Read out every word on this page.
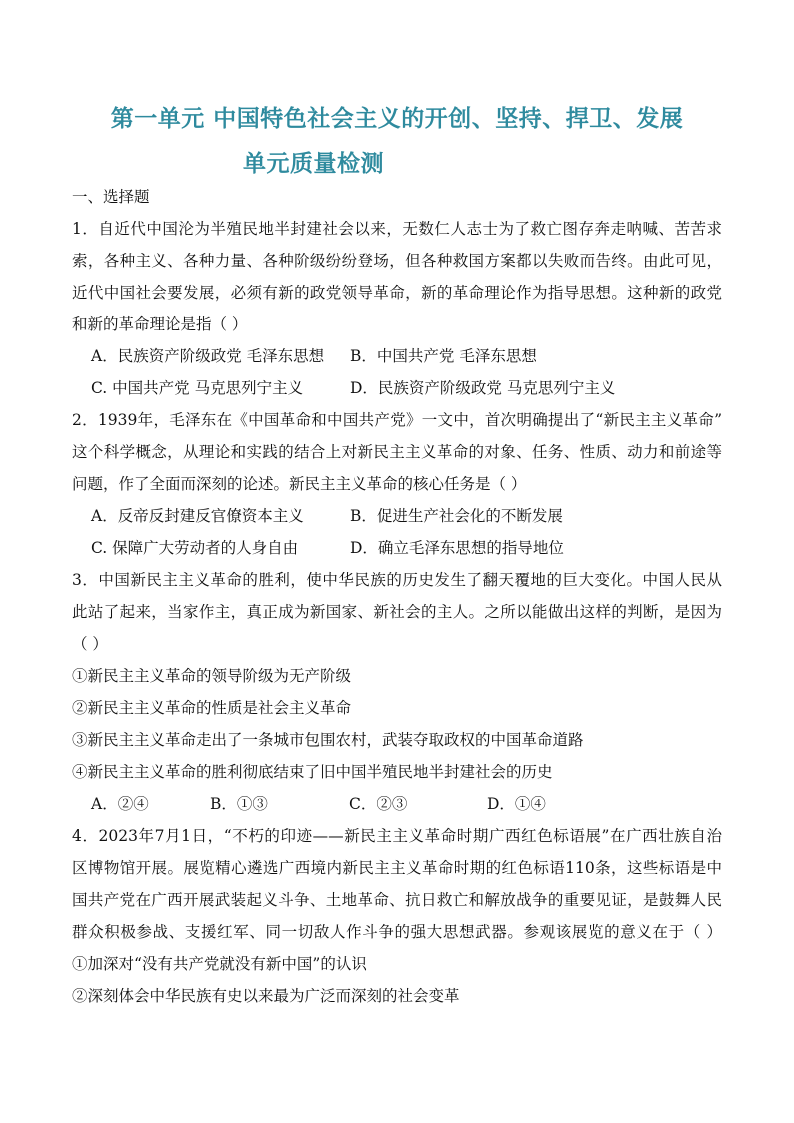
第一单元 中国特色社会主义的开创、坚持、捍卫、发展
单元质量检测
一、选择题
1．自近代中国沦为半殖民地半封建社会以来，无数仁人志士为了救亡图存奔走呐喊、苦苦求
索，各种主义、各种力量、各种阶级纷纷登场，但各种救国方案都以失败而告终。由此可见，
近代中国社会要发展，必须有新的政党领导革命，新的革命理论作为指导思想。这种新的政党
和新的革命理论是指（ ）
A．民族资产阶级政党 毛泽东思想 B．中国共产党 毛泽东思想
C. 中国共产党 马克思列宁主义	D．民族资产阶级政党 马克思列宁主义
2．1939年，毛泽东在《中国革命和中国共产党》一文中，首次明确提出了“新民主主义革命”
这个科学概念，从理论和实践的结合上对新民主主义革命的对象、任务、性质、动力和前途等
问题，作了全面而深刻的论述。新民主主义革命的核心任务是（ ）
A．反帝反封建反官僚资本主义	B．促进生产社会化的不断发展
C. 保障广大劳动者的人身自由	D．确立毛泽东思想的指导地位
3．中国新民主主义革命的胜利，使中华民族的历史发生了翻天覆地的巨大变化。中国人民从
此站了起来，当家作主，真正成为新国家、新社会的主人。之所以能做出这样的判断，是因为
（ ）
①新民主主义革命的领导阶级为无产阶级
②新民主主义革命的性质是社会主义革命
③新民主主义革命走出了一条城市包围农村，武装夺取政权的中国革命道路
④新民主主义革命的胜利彻底结束了旧中国半殖民地半封建社会的历史
A．②④	B．①③	C．②③	D．①④
4．2023年7月1日，“不朽的印迹——新民主主义革命时期广西红色标语展”在广西壮族自治
区博物馆开展。展览精心遴选广西境内新民主主义革命时期的红色标语110条，这些标语是中
国共产党在广西开展武装起义斗争、土地革命、抗日救亡和解放战争的重要见证，是鼓舞人民
群众积极参战、支援红军、同一切敌人作斗争的强大思想武器。参观该展览的意义在于（ ）
①加深对“没有共产党就没有新中国”的认识
②深刻体会中华民族有史以来最为广泛而深刻的社会变革
